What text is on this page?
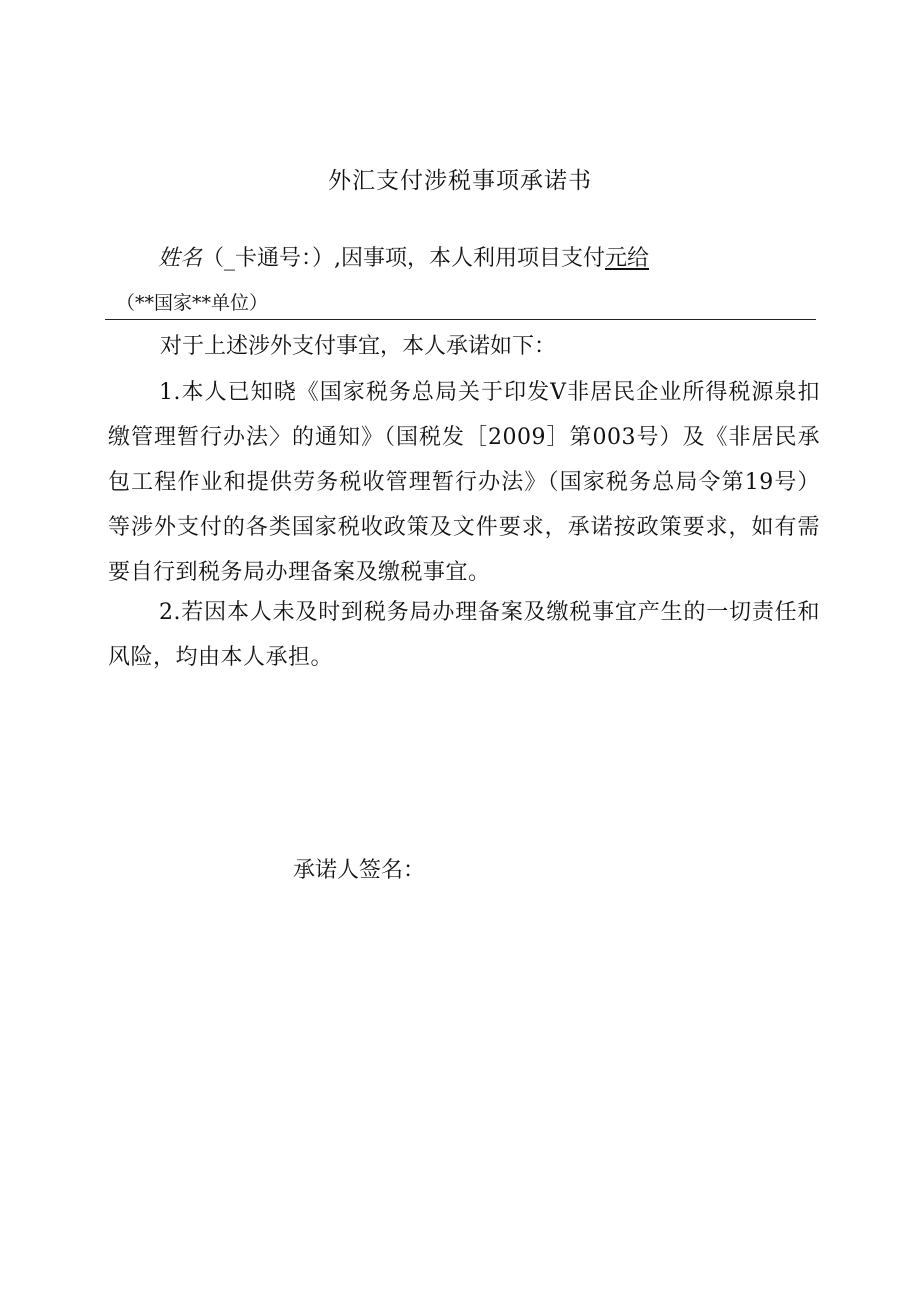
外汇支付涉税事项承诺书
姓名（_卡通号：）,因事项，本人利用项目支付元给
（**国家**单位）
对于上述涉外支付事宜，本人承诺如下：
1.本人已知晓《国家税务总局关于印发V非居民企业所得税源泉扣缴管理暂行办法〉的通知》（国税发［2009］第003号）及《非居民承包工程作业和提供劳务税收管理暂行办法》（国家税务总局令第19号）等涉外支付的各类国家税收政策及文件要求，承诺按政策要求，如有需要自行到税务局办理备案及缴税事宜。
2.若因本人未及时到税务局办理备案及缴税事宜产生的一切责任和风险，均由本人承担。
承诺人签名：
